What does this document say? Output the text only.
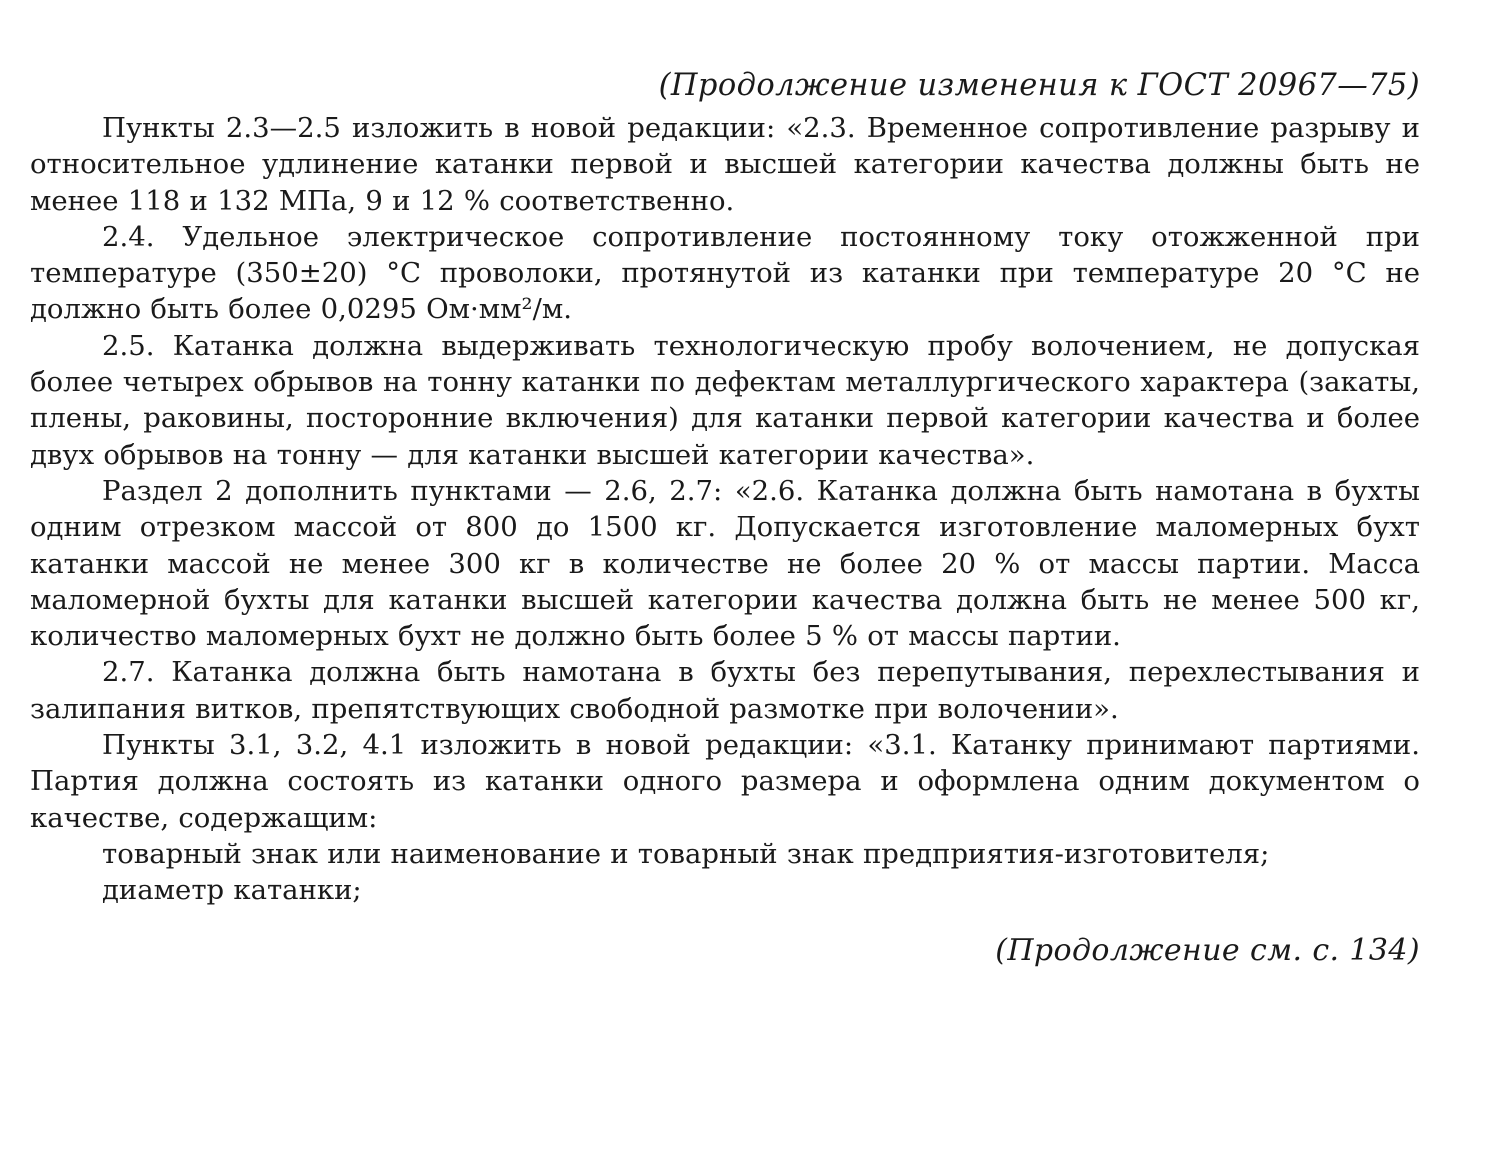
(Продолжение изменения к ГОСТ 20967—75)

Пункты 2.3—2.5 изложить в новой редакции: «2.3. Временное сопротивление разрыву и относительное удлинение катанки первой и высшей категории качества должны быть не менее 118 и 132 МПа, 9 и 12 % соответственно.

2.4. Удельное электрическое сопротивление постоянному току отожженной при температуре (350±20) °С проволоки, протянутой из катанки при температуре 20 °С не должно быть более 0,0295 Ом·мм²/м.

2.5. Катанка должна выдерживать технологическую пробу волочением, не допуская более четырех обрывов на тонну катанки по дефектам металлургического характера (закаты, плены, раковины, посторонние включения) для катанки первой категории качества и более двух обрывов на тонну — для катанки высшей категории качества».

Раздел 2 дополнить пунктами — 2.6, 2.7: «2.6. Катанка должна быть намотана в бухты одним отрезком массой от 800 до 1500 кг. Допускается изготовление маломерных бухт катанки массой не менее 300 кг в количестве не более 20 % от массы партии. Масса маломерной бухты для катанки высшей категории качества должна быть не менее 500 кг, количество маломерных бухт не должно быть более 5 % от массы партии.

2.7. Катанка должна быть намотана в бухты без перепутывания, перехлестывания и залипания витков, препятствующих свободной размотке при волочении».

Пункты 3.1, 3.2, 4.1 изложить в новой редакции: «3.1. Катанку принимают партиями. Партия должна состоять из катанки одного размера и оформлена одним документом о качестве, содержащим:

товарный знак или наименование и товарный знак предприятия-изготовителя;

диаметр катанки;

(Продолжение см. с. 134)
